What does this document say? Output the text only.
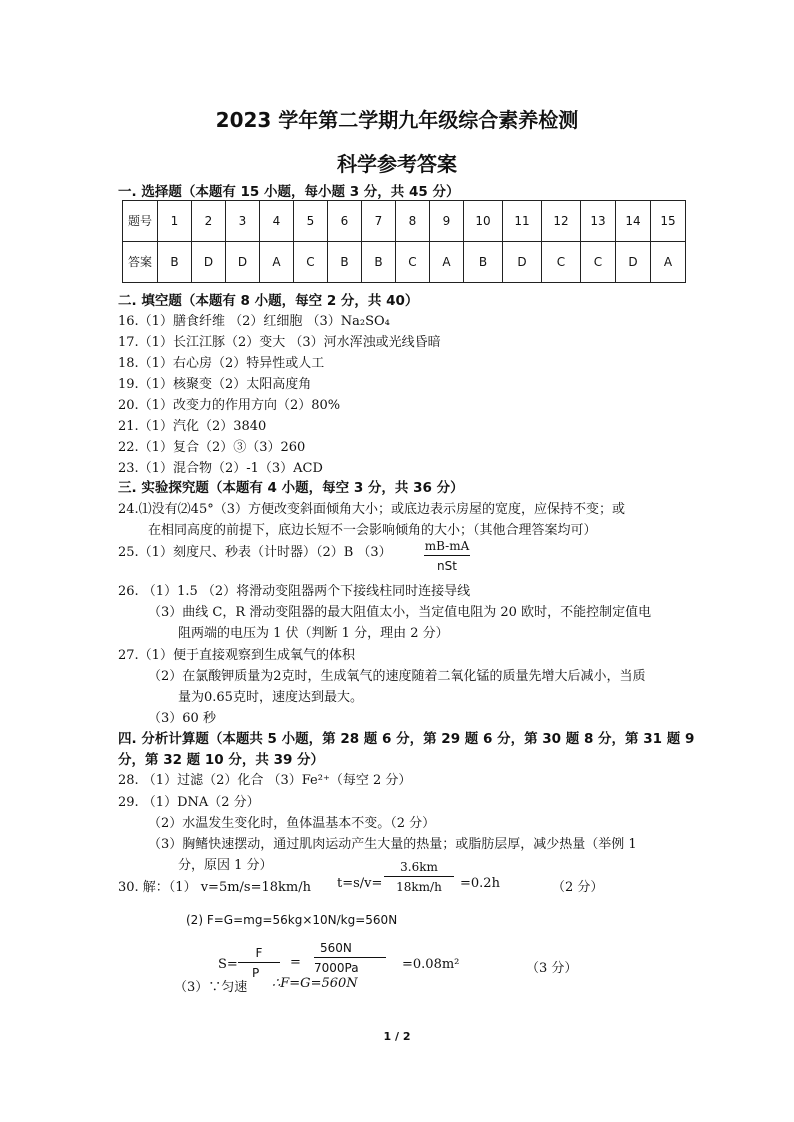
2023 学年第二学期九年级综合素养检测
科学参考答案
一. 选择题（本题有 15 小题，每小题 3 分，共 45 分）
题号	1	2	3	4	5	6	7	8	9	10	11	12	13	14	15
答案	B	D	D	A	C	B	B	C	A	B	D	C	C	D	A
二. 填空题（本题有 8 小题，每空 2 分，共 40）
16.（1）膳食纤维 （2）红细胞 （3）Na₂SO₄
17.（1）长江江豚（2）变大 （3）河水浑浊或光线昏暗
18.（1）右心房（2）特异性或人工
19.（1）核聚变（2）太阳高度角
20.（1）改变力的作用方向（2）80%
21.（1）汽化（2）3840
22.（1）复合（2）③（3）260
23.（1）混合物（2）-1（3）ACD
三. 实验探究题（本题有 4 小题，每空 3 分，共 36 分）
24.⑴没有⑵45°（3）方便改变斜面倾角大小；或底边表示房屋的宽度，应保持不变；或
在相同高度的前提下，底边长短不一会影响倾角的大小；（其他合理答案均可）
25.（1）刻度尺、秒表（计时器）（2）B （3）	mB-mA
nSt
26. （1）1.5 （2）将滑动变阻器两个下接线柱同时连接导线
（3）曲线 C，R 滑动变阻器的最大阻值太小，当定值电阻为 20 欧时，不能控制定值电
阻两端的电压为 1 伏（判断 1 分，理由 2 分）
27.（1）便于直接观察到生成氧气的体积
（2）在氯酸钾质量为2克时，生成氧气的速度随着二氧化锰的质量先增大后减小，当质
量为0.65克时，速度达到最大。
（3）60 秒
四. 分析计算题（本题共 5 小题，第 28 题 6 分，第 29 题 6 分，第 30 题 8 分，第 31 题 9
分，第 32 题 10 分，共 39 分）
28. （1）过滤（2）化合 （3）Fe²⁺（每空 2 分）
29. （1）DNA（2 分）
（2）水温发生变化时，鱼体温基本不变。（2 分）
（3）胸鳍快速摆动，通过肌肉运动产生大量的热量；或脂肪层厚，减少热量（举例 1
分，原因 1 分）
30. 解：（1） v=5m/s=18km/h $t=s/v= \frac{3.6km}{18km/h} =0.2h$	（2 分）
(2) F=G=mg=56kg×10N/kg=560N
$S= \frac{F}{P} = \frac{560N}{7000Pa} =0.08m^2$	（3 分）
（3）∵匀速 ∴F=G=560N
1 / 2
